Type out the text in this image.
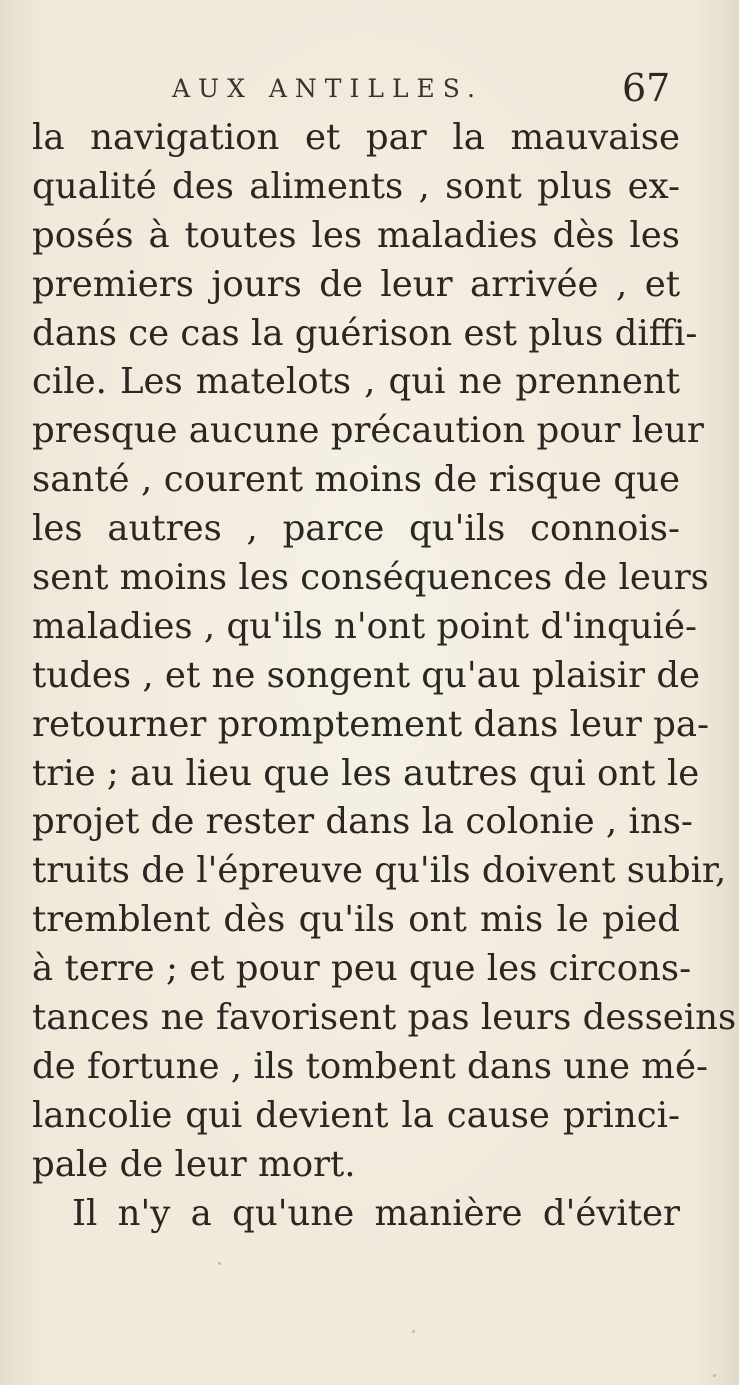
AUX ANTILLES.	67
la navigation et par la mauvaise
qualité des aliments , sont plus ex-
posés à toutes les maladies dès les
premiers jours de leur arrivée , et
dans ce cas la guérison est plus diffi-
cile. Les matelots , qui ne prennent
presque aucune précaution pour leur
santé , courent moins de risque que
les autres , parce qu'ils connois-
sent moins les conséquences de leurs
maladies , qu'ils n'ont point d'inquié-
tudes , et ne songent qu'au plaisir de
retourner promptement dans leur pa-
trie ; au lieu que les autres qui ont le
projet de rester dans la colonie , ins-
truits de l'épreuve qu'ils doivent subir,
tremblent dès qu'ils ont mis le pied
à terre ; et pour peu que les circons-
tances ne favorisent pas leurs desseins
de fortune , ils tombent dans une mé-
lancolie qui devient la cause princi-
pale de leur mort.
Il n'y a qu'une manière d'éviter
